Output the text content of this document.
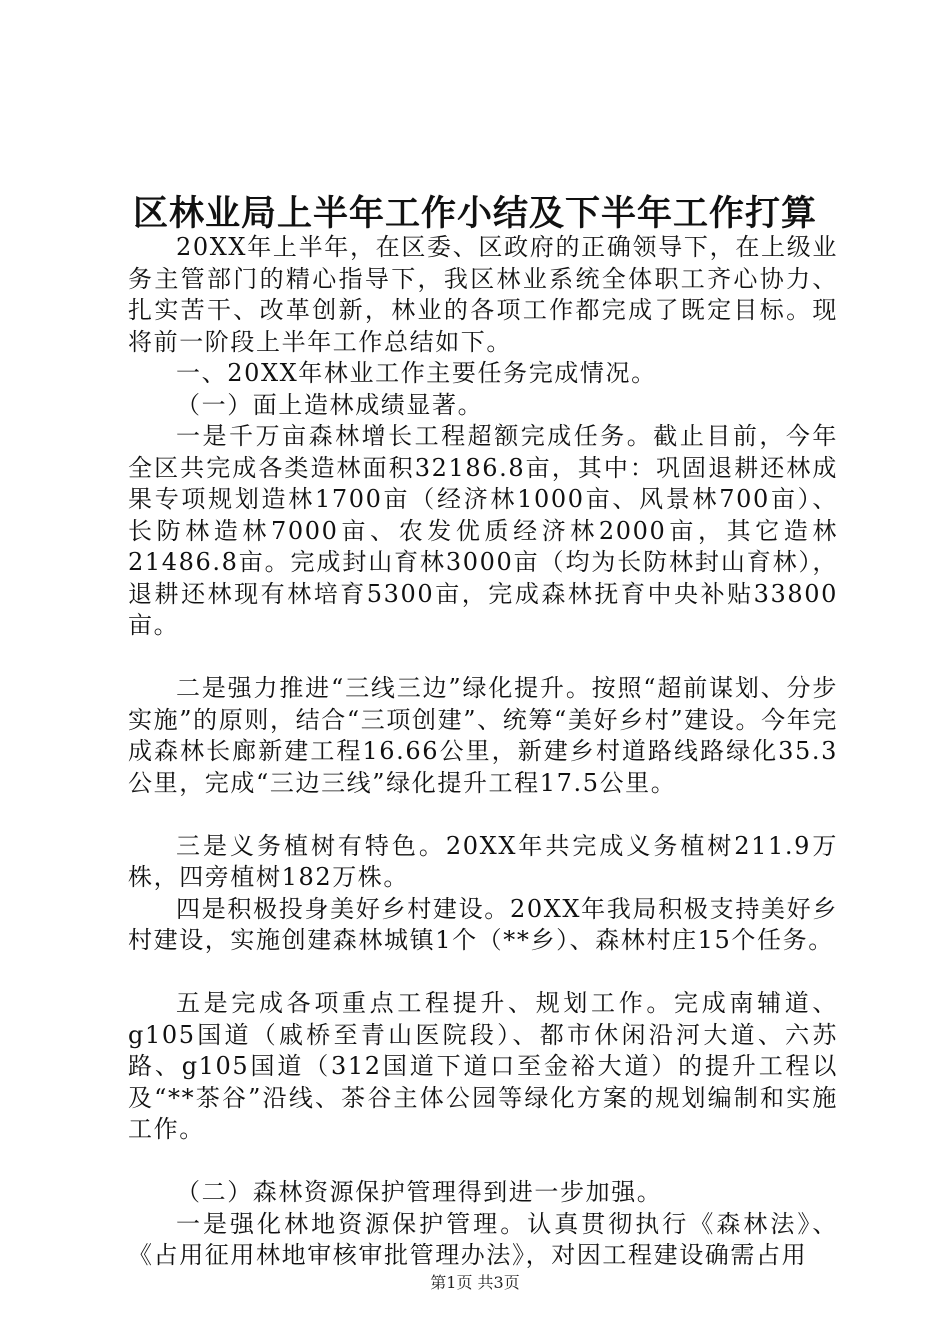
区林业局上半年工作小结及下半年工作打算

20XX年上半年，在区委、区政府的正确领导下，在上级业务主管部门的精心指导下，我区林业系统全体职工齐心协力、扎实苦干、改革创新，林业的各项工作都完成了既定目标。现将前一阶段上半年工作总结如下。

一、20XX年林业工作主要任务完成情况。

（一）面上造林成绩显著。

一是千万亩森林增长工程超额完成任务。截止目前，今年全区共完成各类造林面积32186.8亩，其中：巩固退耕还林成果专项规划造林1700亩（经济林1000亩、风景林700亩）、长防林造林7000亩、农发优质经济林2000亩，其它造林21486.8亩。完成封山育林3000亩（均为长防林封山育林），退耕还林现有林培育5300亩，完成森林抚育中央补贴33800亩。

二是强力推进“三线三边”绿化提升。按照“超前谋划、分步实施”的原则，结合“三项创建”、统筹“美好乡村”建设。今年完成森林长廊新建工程16.66公里，新建乡村道路线路绿化35.3公里，完成“三边三线”绿化提升工程17.5公里。

三是义务植树有特色。20XX年共完成义务植树211.9万株，四旁植树182万株。

四是积极投身美好乡村建设。20XX年我局积极支持美好乡村建设，实施创建森林城镇1个（**乡）、森林村庄15个任务。

五是完成各项重点工程提升、规划工作。完成南辅道、g105国道（戚桥至青山医院段）、都市休闲沿河大道、六苏路、g105国道（312国道下道口至金裕大道）的提升工程以及“**茶谷”沿线、茶谷主体公园等绿化方案的规划编制和实施工作。

（二）森林资源保护管理得到进一步加强。

一是强化林地资源保护管理。认真贯彻执行《森林法》、《占用征用林地审核审批管理办法》，对因工程建设确需占用

第1页 共3页
